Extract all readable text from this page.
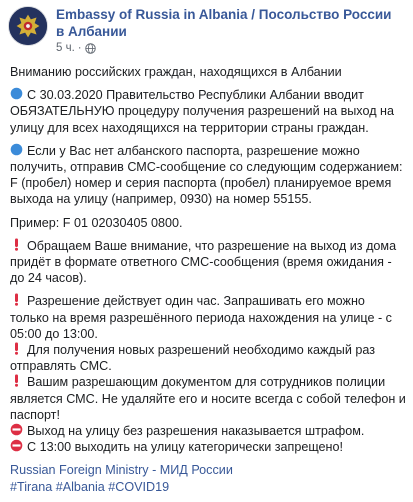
Embassy of Russia in Albania / Посольство России в Албании
5 ч. ·
Вниманию российских граждан, находящихся в Албании
С 30.03.2020 Правительство Республики Албании вводит ОБЯЗАТЕЛЬНУЮ процедуру получения разрешений на выход на улицу для всех находящихся на территории страны граждан.
Если у Вас нет албанского паспорта, разрешение можно получить, отправив СМС-сообщение со следующим содержанием: F (пробел) номер и серия паспорта (пробел) планируемое время выхода на улицу (например, 0930) на номер 55155.
Пример: F 01 02030405 0800.
Обращаем Ваше внимание, что разрешение на выход из дома придёт в формате ответного СМС-сообщения (время ожидания - до 24 часов).
Разрешение действует один час. Запрашивать его можно только на время разрешённого периода нахождения на улице - с 05:00 до 13:00.
Для получения новых разрешений необходимо каждый раз отправлять СМС.
Вашим разрешающим документом для сотрудников полиции является СМС. Не удаляйте его и носите всегда с собой телефон и паспорт!
Выход на улицу без разрешения наказывается штрафом.
С 13:00 выходить на улицу категорически запрещено!
Russian Foreign Ministry - МИД России
#Tirana #Albania #COVID19
